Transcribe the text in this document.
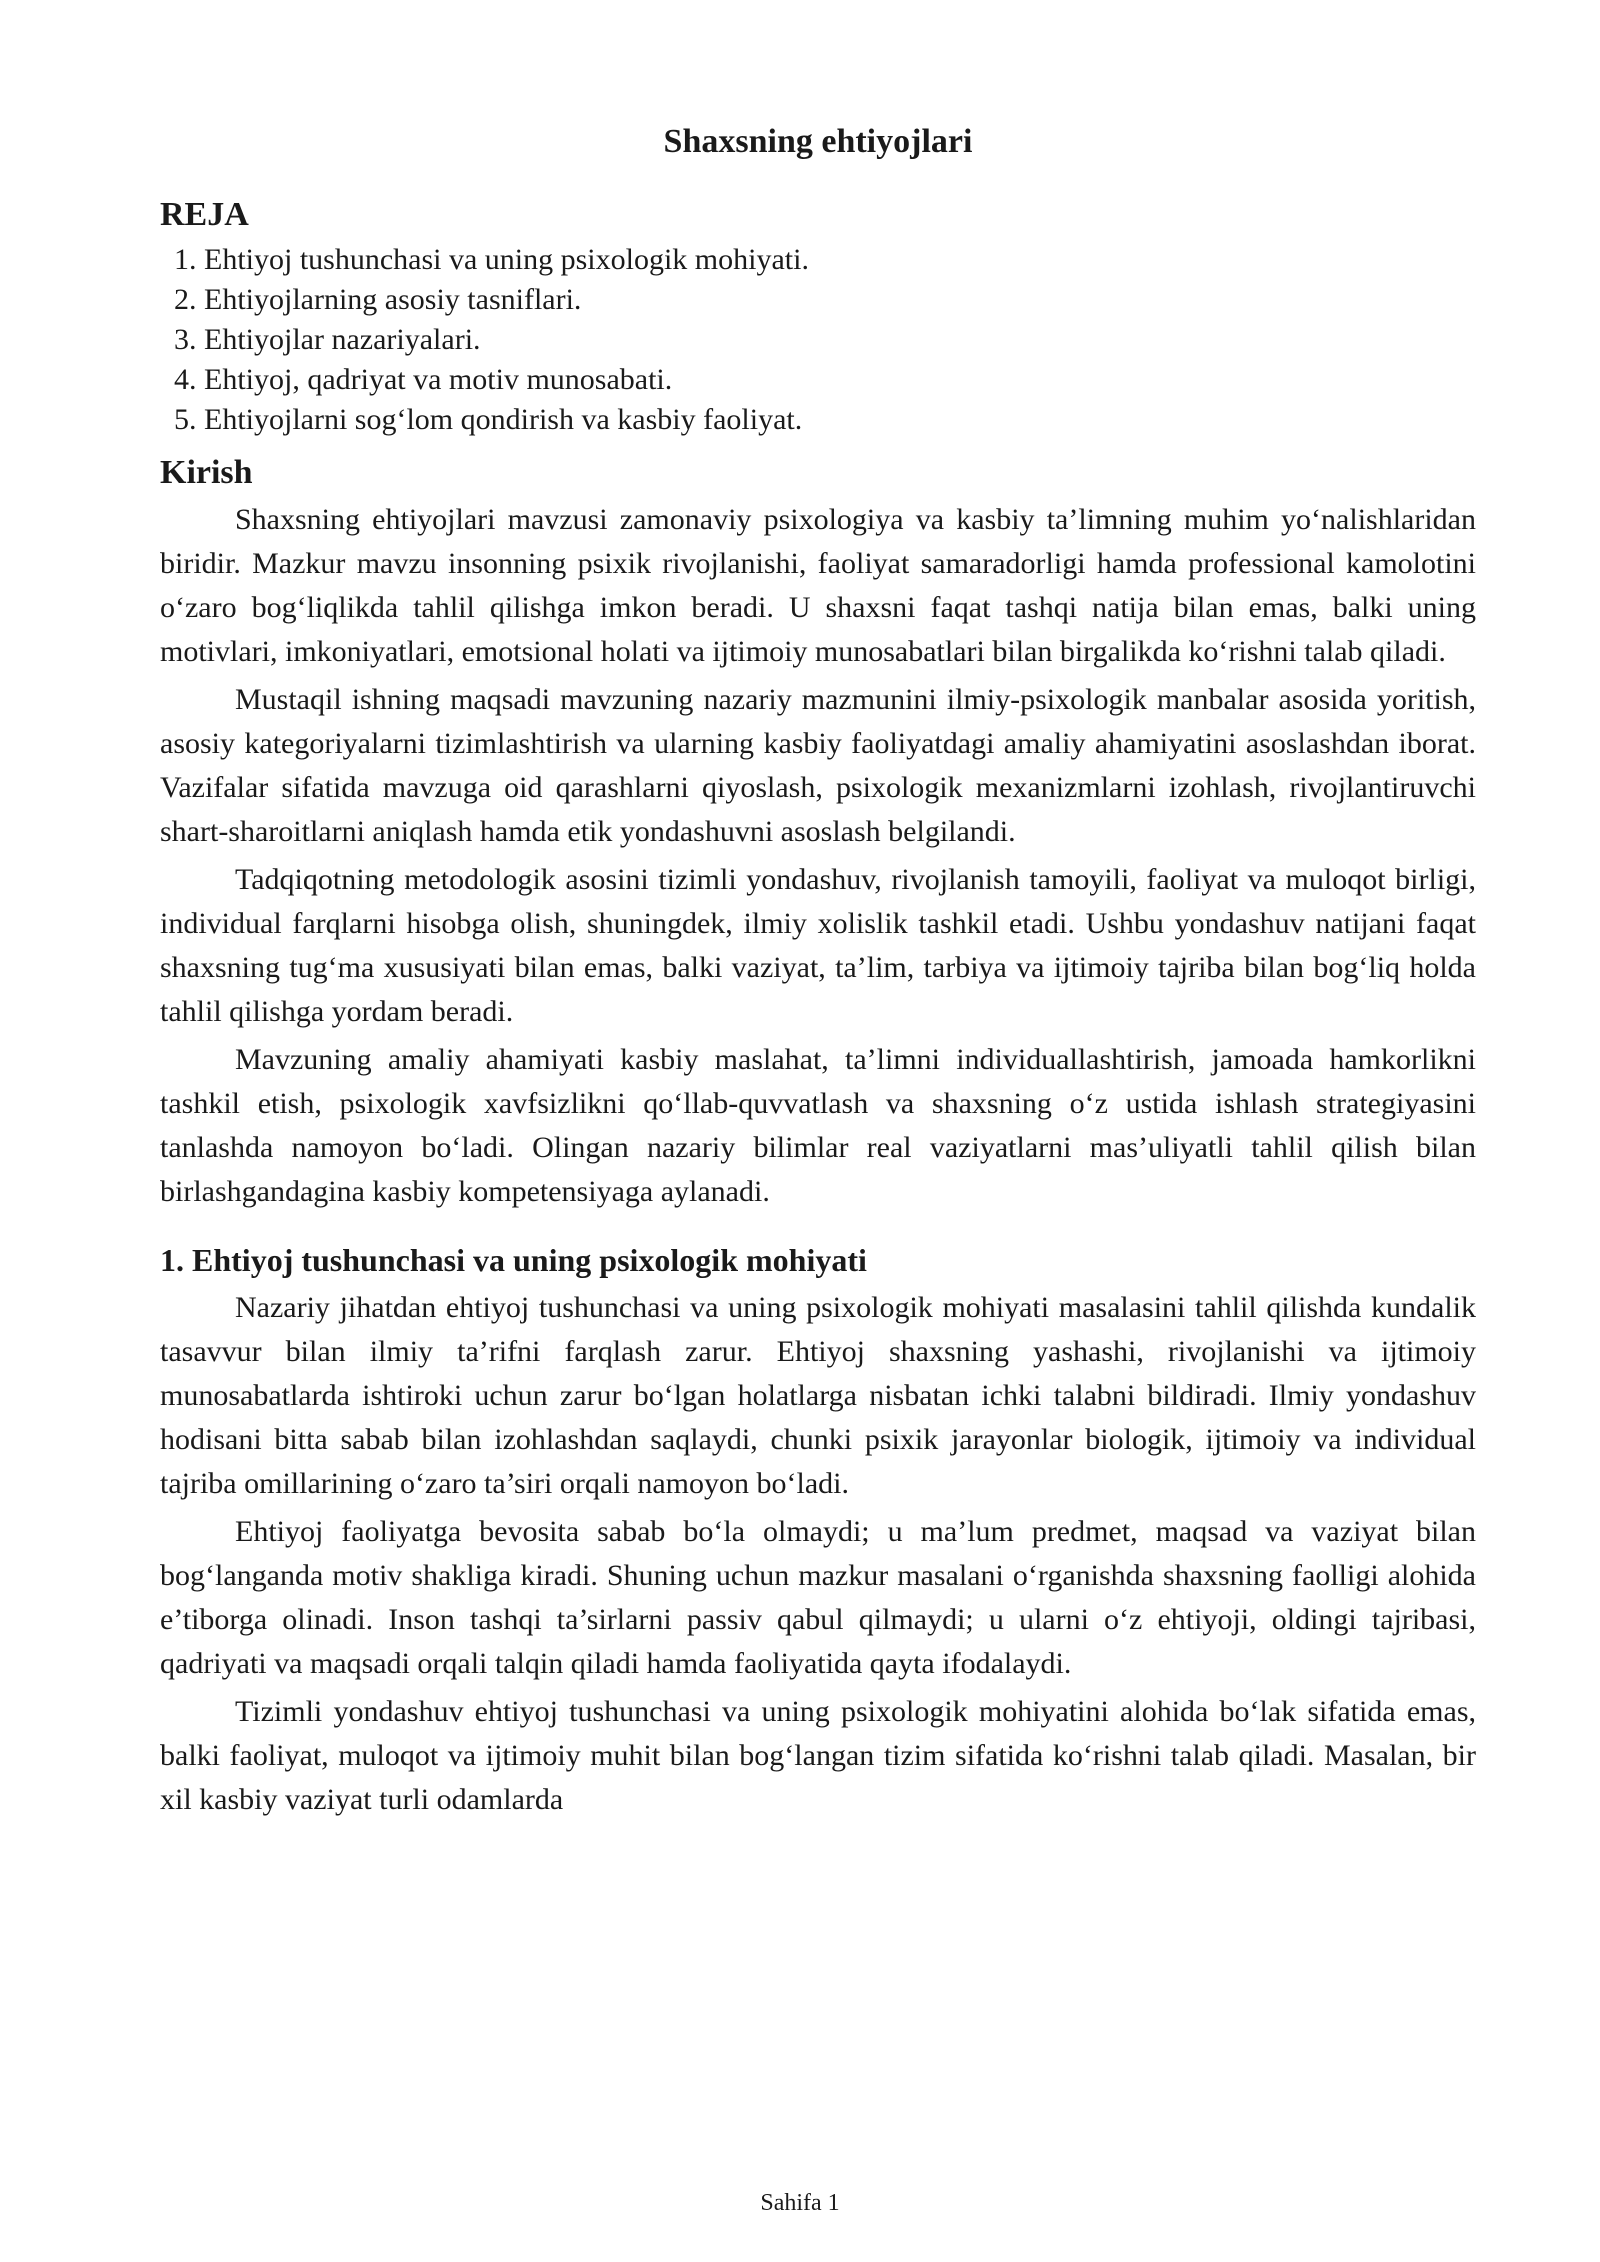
Shaxsning ehtiyojlari
REJA
1. Ehtiyoj tushunchasi va uning psixologik mohiyati.
2. Ehtiyojlarning asosiy tasniflari.
3. Ehtiyojlar nazariyalari.
4. Ehtiyoj, qadriyat va motiv munosabati.
5. Ehtiyojlarni sog‘lom qondirish va kasbiy faoliyat.
Kirish

Shaxsning ehtiyojlari mavzusi zamonaviy psixologiya va kasbiy ta’limning muhim yo‘nalishlaridan biridir. Mazkur mavzu insonning psixik rivojlanishi, faoliyat samaradorligi hamda professional kamolotini o‘zaro bog‘liqlikda tahlil qilishga imkon beradi. U shaxsni faqat tashqi natija bilan emas, balki uning motivlari, imkoniyatlari, emotsional holati va ijtimoiy munosabatlari bilan birgalikda ko‘rishni talab qiladi.

Mustaqil ishning maqsadi mavzuning nazariy mazmunini ilmiy-psixologik manbalar asosida yoritish, asosiy kategoriyalarni tizimlashtirish va ularning kasbiy faoliyatdagi amaliy ahamiyatini asoslashdan iborat. Vazifalar sifatida mavzuga oid qarashlarni qiyoslash, psixologik mexanizmlarni izohlash, rivojlantiruvchi shart-sharoitlarni aniqlash hamda etik yondashuvni asoslash belgilandi.

Tadqiqotning metodologik asosini tizimli yondashuv, rivojlanish tamoyili, faoliyat va muloqot birligi, individual farqlarni hisobga olish, shuningdek, ilmiy xolislik tashkil etadi. Ushbu yondashuv natijani faqat shaxsning tug‘ma xususiyati bilan emas, balki vaziyat, ta’lim, tarbiya va ijtimoiy tajriba bilan bog‘liq holda tahlil qilishga yordam beradi.

Mavzuning amaliy ahamiyati kasbiy maslahat, ta’limni individuallashtirish, jamoada hamkorlikni tashkil etish, psixologik xavfsizlikni qo‘llab-quvvatlash va shaxsning o‘z ustida ishlash strategiyasini tanlashda namoyon bo‘ladi. Olingan nazariy bilimlar real vaziyatlarni mas’uliyatli tahlil qilish bilan birlashgandagina kasbiy kompetensiyaga aylanadi.

1. Ehtiyoj tushunchasi va uning psixologik mohiyati

Nazariy jihatdan ehtiyoj tushunchasi va uning psixologik mohiyati masalasini tahlil qilishda kundalik tasavvur bilan ilmiy ta’rifni farqlash zarur. Ehtiyoj shaxsning yashashi, rivojlanishi va ijtimoiy munosabatlarda ishtiroki uchun zarur bo‘lgan holatlarga nisbatan ichki talabni bildiradi. Ilmiy yondashuv hodisani bitta sabab bilan izohlashdan saqlaydi, chunki psixik jarayonlar biologik, ijtimoiy va individual tajriba omillarining o‘zaro ta’siri orqali namoyon bo‘ladi.

Ehtiyoj faoliyatga bevosita sabab bo‘la olmaydi; u ma’lum predmet, maqsad va vaziyat bilan bog‘langanda motiv shakliga kiradi. Shuning uchun mazkur masalani o‘rganishda shaxsning faolligi alohida e’tiborga olinadi. Inson tashqi ta’sirlarni passiv qabul qilmaydi; u ularni o‘z ehtiyoji, oldingi tajribasi, qadriyati va maqsadi orqali talqin qiladi hamda faoliyatida qayta ifodalaydi.

Tizimli yondashuv ehtiyoj tushunchasi va uning psixologik mohiyatini alohida bo‘lak sifatida emas, balki faoliyat, muloqot va ijtimoiy muhit bilan bog‘langan tizim sifatida ko‘rishni talab qiladi. Masalan, bir xil kasbiy vaziyat turli odamlarda

Sahifa 1
